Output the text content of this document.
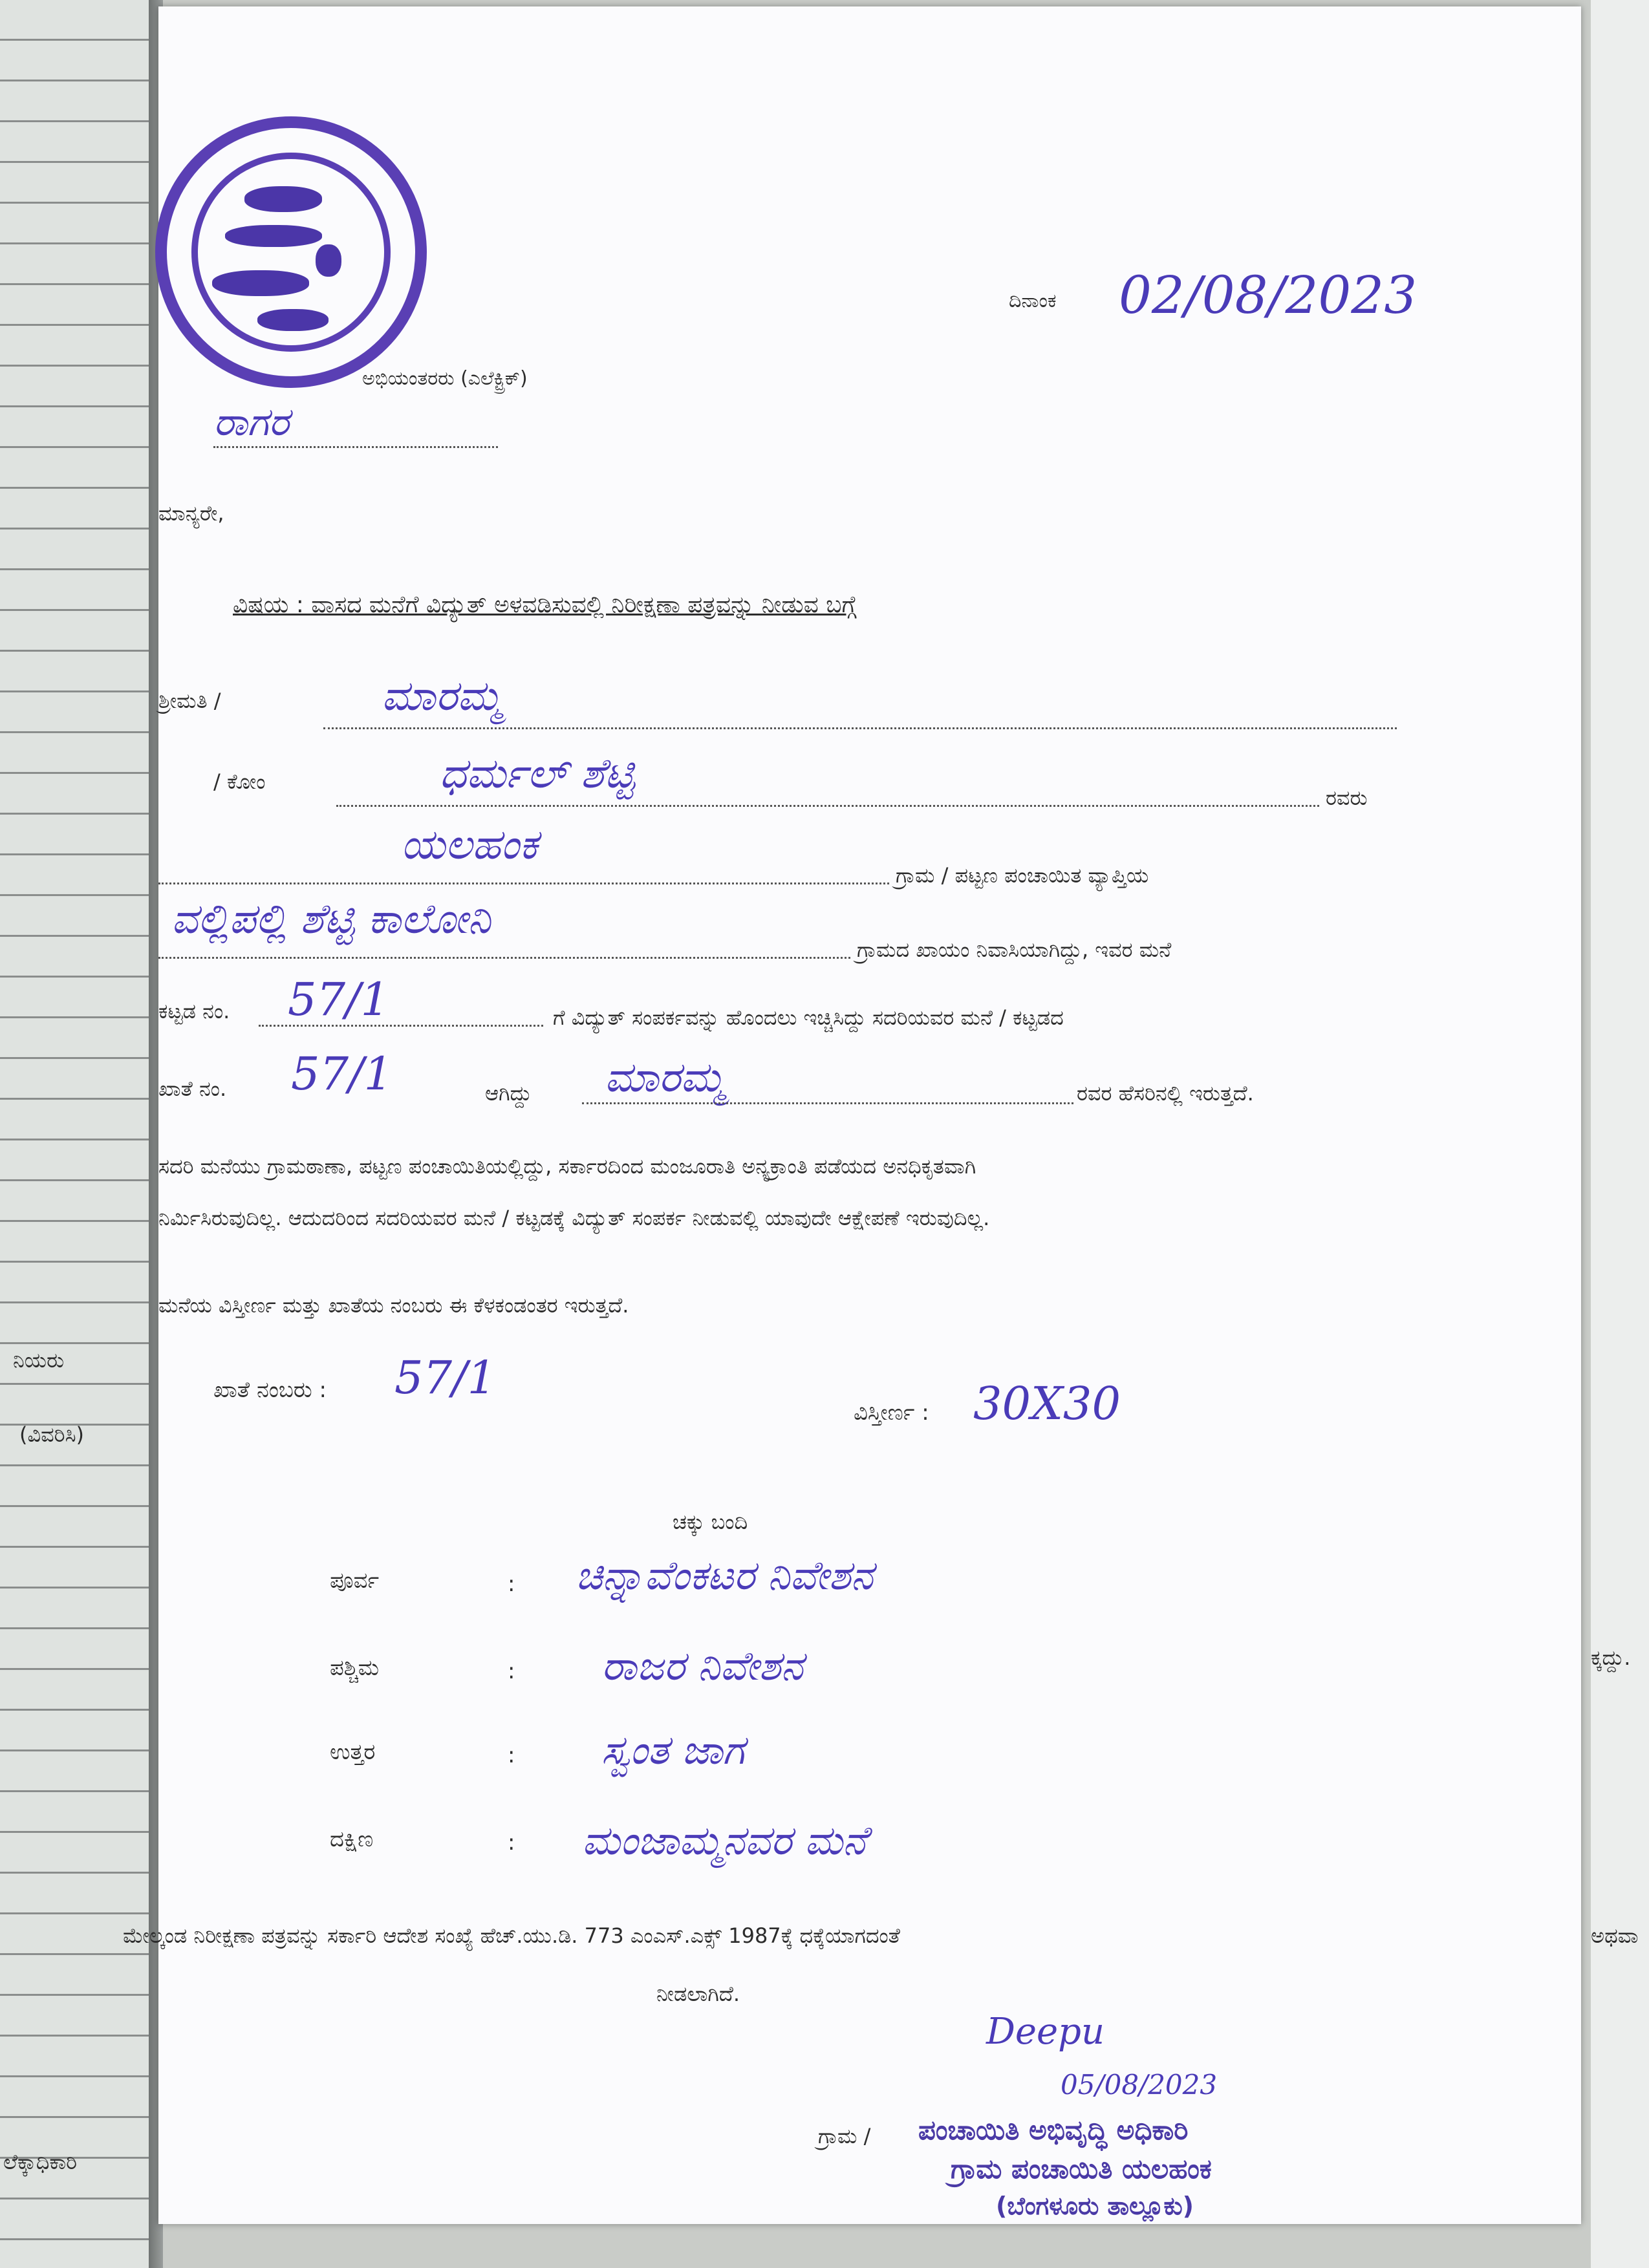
ನಿಯರು
(ವಿವರಿಸಿ)
ಲೆಕ್ಕಾಧಿಕಾರಿ
ಕ್ಕದ್ದು.
ಅಥವಾ
ದಿನಾಂಕ 02/08/2023
ಅಭಿಯಂತರರು (ಎಲೆಕ್ಟ್ರಿಕ್)
ರಾಗರ
ಮಾನ್ಯರೇ,
ವಿಷಯ : ವಾಸದ ಮನೆಗೆ ವಿದ್ಯುತ್ ಅಳವಡಿಸುವಲ್ಲಿ ನಿರೀಕ್ಷಣಾ ಪತ್ರವನ್ನು ನೀಡುವ ಬಗ್ಗೆ
ಶ್ರೀಮತಿ /	ಮಾರಮ್ಮ
/ ಕೋಂ	ಧರ್ಮಲ್ ಶೆಟ್ಟಿ	ರವರು
ಯಲಹಂಕ
ಗ್ರಾಮ / ಪಟ್ಟಣ ಪಂಚಾಯಿತ ವ್ಯಾಪ್ತಿಯ
ವಲ್ಲಿಪಲ್ಲಿ ಶೆಟ್ಟಿ ಕಾಲೋನಿ
ಗ್ರಾಮದ ಖಾಯಂ ನಿವಾಸಿಯಾಗಿದ್ದು, ಇವರ ಮನೆ
ಕಟ್ಟಡ ನಂ. 57/1	ಗೆ ವಿದ್ಯುತ್ ಸಂಪರ್ಕವನ್ನು ಹೊಂದಲು ಇಚ್ಚಿಸಿದ್ದು ಸದರಿಯವರ ಮನೆ / ಕಟ್ಟಡದ
ಖಾತೆ ನಂ. 57/1	ಆಗಿದ್ದು ಮಾರಮ್ಮ	ರವರ ಹೆಸರಿನಲ್ಲಿ ಇರುತ್ತದೆ.
ಸದರಿ ಮನೆಯು ಗ್ರಾಮಠಾಣಾ, ಪಟ್ಟಣ ಪಂಚಾಯಿತಿಯಲ್ಲಿದ್ದು, ಸರ್ಕಾರದಿಂದ ಮಂಜೂರಾತಿ ಅನ್ಯಕ್ರಾಂತಿ ಪಡೆಯದ ಅನಧಿಕೃತವಾಗಿ
ನಿರ್ಮಿಸಿರುವುದಿಲ್ಲ. ಆದುದರಿಂದ ಸದರಿಯವರ ಮನೆ / ಕಟ್ಟಡಕ್ಕೆ ವಿದ್ಯುತ್ ಸಂಪರ್ಕ ನೀಡುವಲ್ಲಿ ಯಾವುದೇ ಆಕ್ಷೇಪಣೆ ಇರುವುದಿಲ್ಲ.
ಮನೆಯ ವಿಸ್ತೀರ್ಣ ಮತ್ತು ಖಾತೆಯ ನಂಬರು ಈ ಕೆಳಕಂಡಂತರ ಇರುತ್ತದೆ.
ಖಾತೆ ನಂಬರು : 57/1
ವಿಸ್ತೀರ್ಣ : 30X30
ಚಕ್ಕು ಬಂದಿ
ಪೂರ್ವ	: ಚಿನ್ನಾವೆಂಕಟರ ನಿವೇಶನ
ಪಶ್ಚಿಮ	: ರಾಜರ ನಿವೇಶನ
ಉತ್ತರ	: ಸ್ವಂತ ಜಾಗ
ದಕ್ಷಿಣ	: ಮಂಜಾಮ್ಮನವರ ಮನೆ
ಮೇಲ್ಕಂಡ ನಿರೀಕ್ಷಣಾ ಪತ್ರವನ್ನು ಸರ್ಕಾರಿ ಆದೇಶ ಸಂಖ್ಯೆ ಹೆಚ್.ಯು.ಡಿ. 773 ಎಂಎಸ್.ಎಕ್ಸ್ 1987ಕ್ಕೆ ಧಕ್ಕೆಯಾಗದಂತೆ
ನೀಡಲಾಗಿದೆ.
Deepu
05/08/2023
ಗ್ರಾಮ / ಪಂಚಾಯಿತಿ ಅಭಿವೃದ್ಧಿ ಅಧಿಕಾರಿ
ಗ್ರಾಮ ಪಂಚಾಯಿತಿ ಯಲಹಂಕ
(ಬೆಂಗಳೂರು ತಾಲ್ಲೂಕು)
